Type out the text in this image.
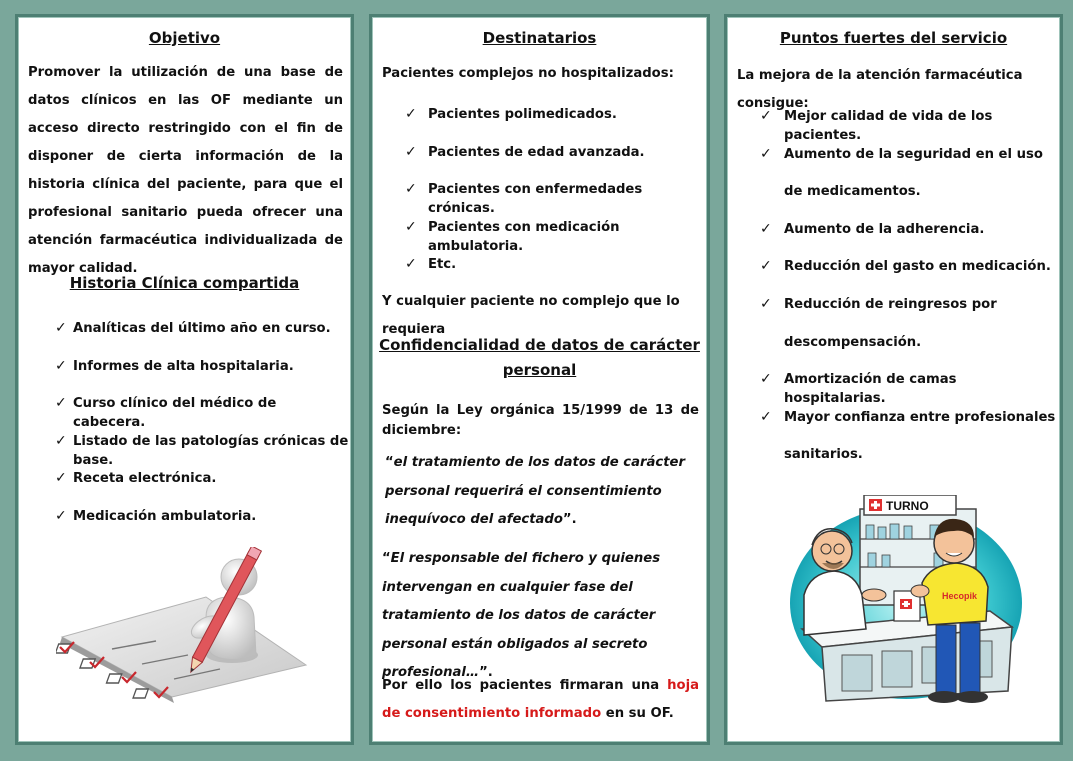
Objetivo

Promover la utilización de una base de datos clínicos en las OF mediante un acceso directo restringido con el fin de disponer de cierta información de la historia clínica del paciente, para que el profesional sanitario pueda ofrecer una atención farmacéutica individualizada de mayor calidad.

Historia Clínica compartida
✓ Analíticas del último año en curso.
✓ Informes de alta hospitalaria.
✓ Curso clínico del médico de cabecera.
✓ Listado de las patologías crónicas de base.
✓ Receta electrónica.
✓ Medicación ambulatoria.
Destinatarios

Pacientes complejos no hospitalizados:

✓ Pacientes polimedicados.
✓ Pacientes de edad avanzada.
✓ Pacientes con enfermedades crónicas.
✓ Pacientes con medicación ambulatoria.
✓ Etc.

Y cualquier paciente no complejo que lo requiera

Confidencialidad de datos de carácter
personal

Según la Ley orgánica 15/1999 de 13 de diciembre:

“el tratamiento de los datos de carácter personal requerirá el consentimiento inequívoco del afectado”.

“El responsable del fichero y quienes intervengan en cualquier fase del tratamiento de los datos de carácter personal están obligados al secreto profesional…”.

Por ello los pacientes firmaran una hoja de consentimiento informado en su OF.

Puntos fuertes del servicio

La mejora de la atención farmacéutica consigue:

✓ Mejor calidad de vida de los pacientes.
✓ Aumento de la seguridad en el uso de medicamentos.
✓ Aumento de la adherencia.
✓ Reducción del gasto en medicación.
✓ Reducción de reingresos por descompensación.
✓ Amortización de camas hospitalarias.
✓ Mayor confianza entre profesionales sanitarios.
TURNO
Hecopik
